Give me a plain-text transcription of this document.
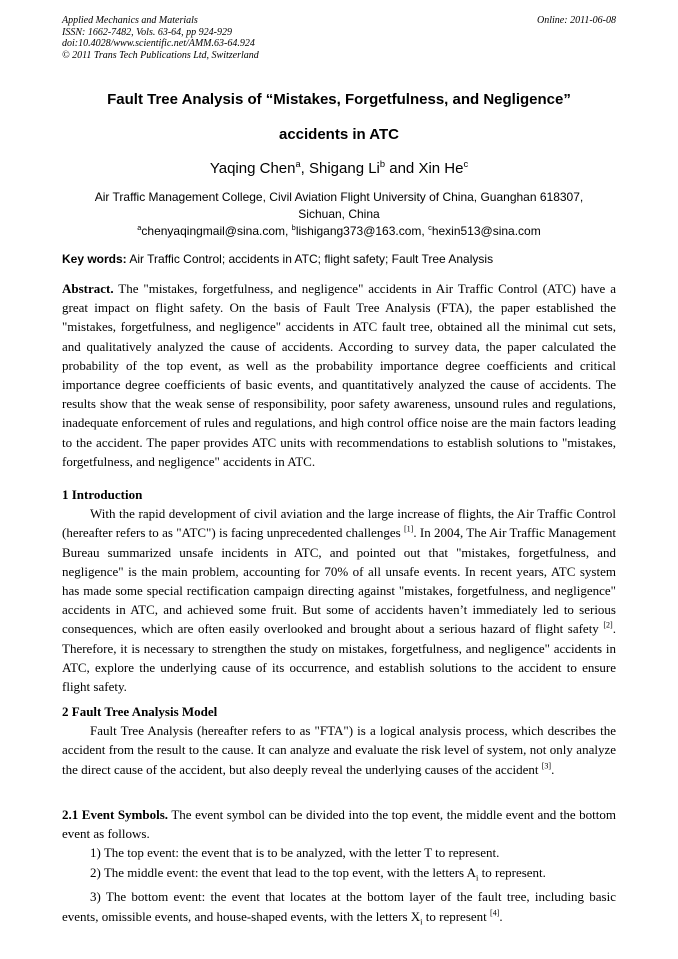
Applied Mechanics and Materials	Online: 2011-06-08
ISSN: 1662-7482, Vols. 63-64, pp 924-929
doi:10.4028/www.scientific.net/AMM.63-64.924
© 2011 Trans Tech Publications Ltd, Switzerland
Fault Tree Analysis of “Mistakes, Forgetfulness, and Negligence”
accidents in ATC
Yaqing Chen$^a$, Shigang Li$^b$ and Xin He$^c$
Air Traffic Management College, Civil Aviation Flight University of China, Guanghan 618307,
Sichuan, China
$^a$chenyaqingmail@sina.com, $^b$lishigang373@163.com, $^c$hexin513@sina.com
Key words: Air Traffic Control; accidents in ATC; flight safety; Fault Tree Analysis

Abstract. The "mistakes, forgetfulness, and negligence" accidents in Air Traffic Control (ATC) have a great impact on flight safety. On the basis of Fault Tree Analysis (FTA), the paper established the "mistakes, forgetfulness, and negligence" accidents in ATC fault tree, obtained all the minimal cut sets, and qualitatively analyzed the cause of accidents. According to survey data, the paper calculated the probability of the top event, as well as the probability importance degree coefficients and critical importance degree coefficients of basic events, and quantitatively analyzed the cause of accidents. The results show that the weak sense of responsibility, poor safety awareness, unsound rules and regulations, inadequate enforcement of rules and regulations, and high control office noise are the main factors leading to the accident. The paper provides ATC units with recommendations to establish solutions to "mistakes, forgetfulness, and negligence" accidents in ATC.

1 Introduction

With the rapid development of civil aviation and the large increase of flights, the Air Traffic Control (hereafter refers to as "ATC") is facing unprecedented challenges [1]. In 2004, The Air Traffic Management Bureau summarized unsafe incidents in ATC, and pointed out that "mistakes, forgetfulness, and negligence" is the main problem, accounting for 70% of all unsafe events. In recent years, ATC system has made some special rectification campaign directing against "mistakes, forgetfulness, and negligence" accidents in ATC, and achieved some fruit. But some of accidents haven’t immediately led to serious consequences, which are often easily overlooked and brought about a serious hazard of flight safety [2]. Therefore, it is necessary to strengthen the study on mistakes, forgetfulness, and negligence" accidents in ATC, explore the underlying cause of its occurrence, and establish solutions to the accident to ensure flight safety.

2 Fault Tree Analysis Model

Fault Tree Analysis (hereafter refers to as "FTA") is a logical analysis process, which describes the accident from the result to the cause. It can analyze and evaluate the risk level of system, not only analyze the direct cause of the accident, but also deeply reveal the underlying causes of the accident [3].

2.1 Event Symbols. The event symbol can be divided into the top event, the middle event and the bottom event as follows.

1) The top event: the event that is to be analyzed, with the letter T to represent.

2) The middle event: the event that lead to the top event, with the letters $A_i$ to represent.

3) The bottom event: the event that locates at the bottom layer of the fault tree, including basic events, omissible events, and house-shaped events, with the letters $X_i$ to represent [4].
